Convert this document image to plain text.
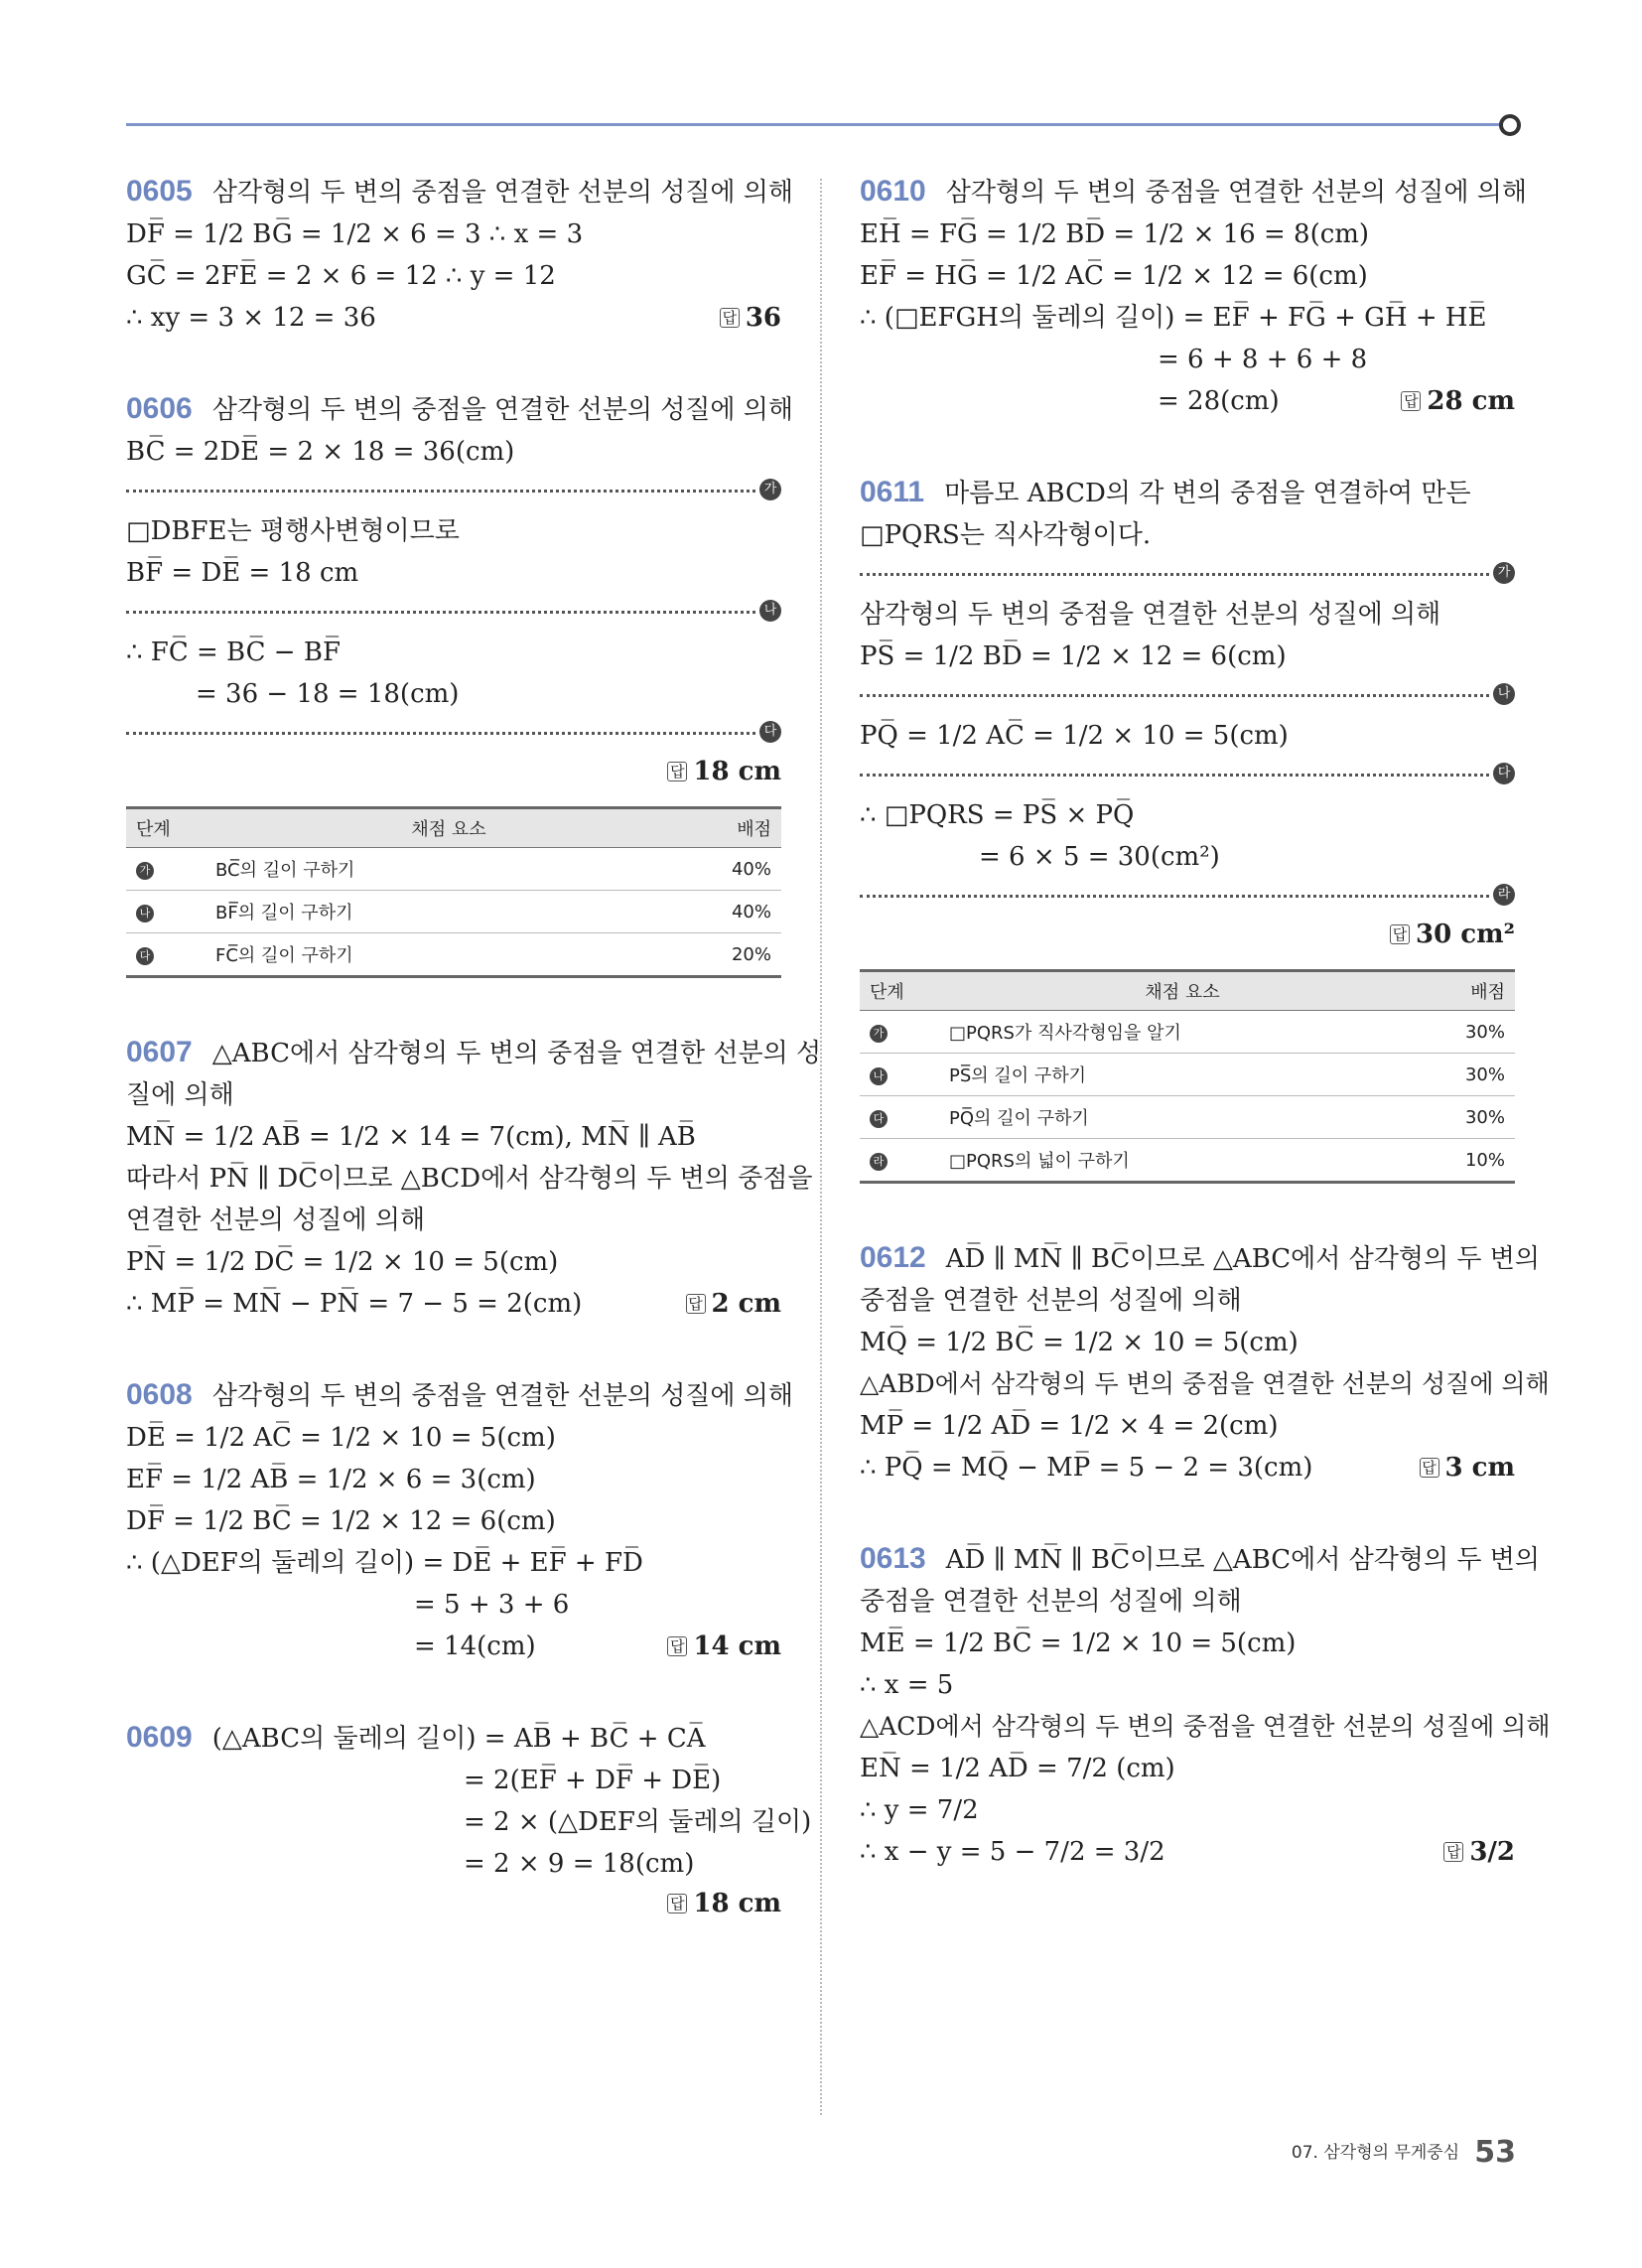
0605 삼각형의 두 변의 중점을 연결한 선분의 성질에 의해
DF̅ = 1/2 BG̅ = 1/2 × 6 = 3 ∴ x = 3
GC̅ = 2FE̅ = 2 × 6 = 12 ∴ y = 12
∴ xy = 3 × 12 = 36	답 36
0606 삼각형의 두 변의 중점을 연결한 선분의 성질에 의해
BC̅ = 2DE̅ = 2 × 18 = 36(cm)
가
□DBFE는 평행사변형이므로
BF̅ = DE̅ = 18 cm
나
∴ FC̅ = BC̅ − BF̅
= 36 − 18 = 18(cm)
다
답 18 cm
단계	채점 요소	배점
가	BC̅의 길이 구하기	40%
나	BF̅의 길이 구하기	40%
다	FC̅의 길이 구하기	20%
0607 △ABC에서 삼각형의 두 변의 중점을 연결한 선분의 성
질에 의해
MN̅ = 1/2 AB̅ = 1/2 × 14 = 7(cm), MN̅ ∥ AB̅
따라서 PN̅ ∥ DC̅이므로 △BCD에서 삼각형의 두 변의 중점을
연결한 선분의 성질에 의해
PN̅ = 1/2 DC̅ = 1/2 × 10 = 5(cm)
∴ MP̅ = MN̅ − PN̅ = 7 − 5 = 2(cm)	답 2 cm
0608 삼각형의 두 변의 중점을 연결한 선분의 성질에 의해
DE̅ = 1/2 AC̅ = 1/2 × 10 = 5(cm)
EF̅ = 1/2 AB̅ = 1/2 × 6 = 3(cm)
DF̅ = 1/2 BC̅ = 1/2 × 12 = 6(cm)
∴ (△DEF의 둘레의 길이) = DE̅ + EF̅ + FD̅
= 5 + 3 + 6
= 14(cm)	답 14 cm
0609 (△ABC의 둘레의 길이) = AB̅ + BC̅ + CA̅
= 2(EF̅ + DF̅ + DE̅)
= 2 × (△DEF의 둘레의 길이)
= 2 × 9 = 18(cm)
답 18 cm
0610 삼각형의 두 변의 중점을 연결한 선분의 성질에 의해
EH̅ = FG̅ = 1/2 BD̅ = 1/2 × 16 = 8(cm)
EF̅ = HG̅ = 1/2 AC̅ = 1/2 × 12 = 6(cm)
∴ (□EFGH의 둘레의 길이) = EF̅ + FG̅ + GH̅ + HE̅
= 6 + 8 + 6 + 8
= 28(cm)	답 28 cm
0611 마름모 ABCD의 각 변의 중점을 연결하여 만든
□PQRS는 직사각형이다.
가
삼각형의 두 변의 중점을 연결한 선분의 성질에 의해
PS̅ = 1/2 BD̅ = 1/2 × 12 = 6(cm)
나
PQ̅ = 1/2 AC̅ = 1/2 × 10 = 5(cm)
다
∴ □PQRS = PS̅ × PQ̅
= 6 × 5 = 30(cm²)
라
답 30 cm²
단계	채점 요소	배점
가	□PQRS가 직사각형임을 알기	30%
나	PS̅의 길이 구하기	30%
다	PQ̅의 길이 구하기	30%
라	□PQRS의 넓이 구하기	10%
0612 AD̅ ∥ MN̅ ∥ BC̅이므로 △ABC에서 삼각형의 두 변의
중점을 연결한 선분의 성질에 의해
MQ̅ = 1/2 BC̅ = 1/2 × 10 = 5(cm)
△ABD에서 삼각형의 두 변의 중점을 연결한 선분의 성질에 의해
MP̅ = 1/2 AD̅ = 1/2 × 4 = 2(cm)
∴ PQ̅ = MQ̅ − MP̅ = 5 − 2 = 3(cm)	답 3 cm
0613 AD̅ ∥ MN̅ ∥ BC̅이므로 △ABC에서 삼각형의 두 변의
중점을 연결한 선분의 성질에 의해
ME̅ = 1/2 BC̅ = 1/2 × 10 = 5(cm)
∴ x = 5
△ACD에서 삼각형의 두 변의 중점을 연결한 선분의 성질에 의해
EN̅ = 1/2 AD̅ = 7/2 (cm)
∴ y = 7/2
∴ x − y = 5 − 7/2 = 3/2	답 3/2
07. 삼각형의 무게중심 53
